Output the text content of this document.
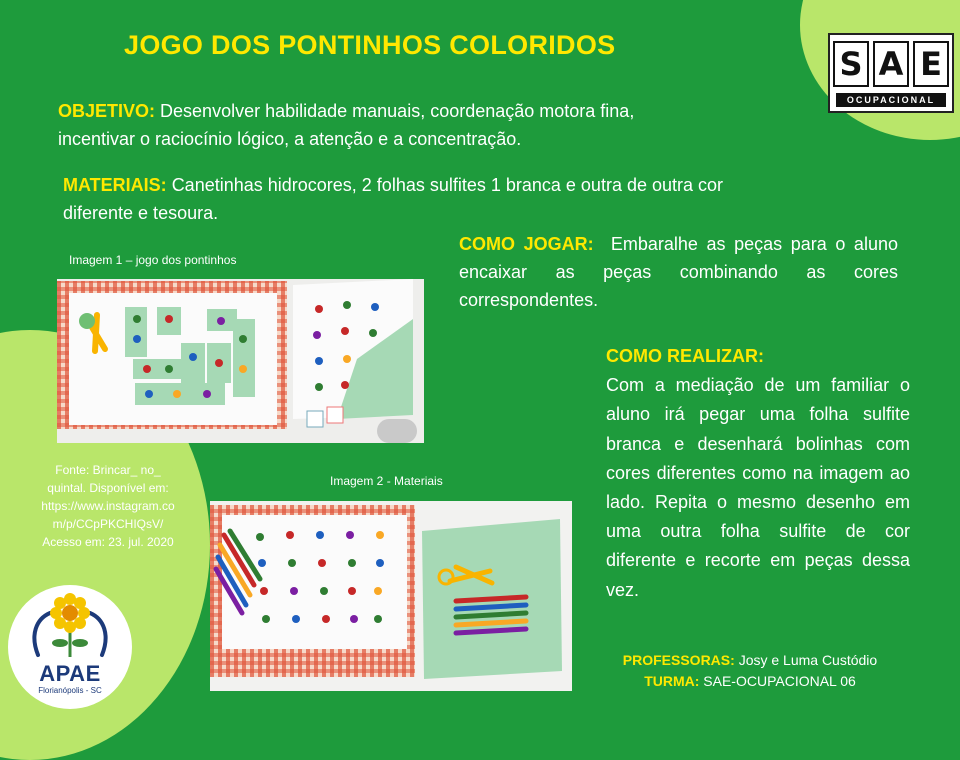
JOGO DOS PONTINHOS COLORIDOS	S A E
OCUPACIONAL
OBJETIVO: Desenvolver habilidade manuais, coordenação motora fina,
incentivar o raciocínio lógico, a atenção e a concentração.
MATERIAIS: Canetinhas hidrocores, 2 folhas sulfites 1 branca e outra de outra cor
diferente e tesoura.
COMO JOGAR: Embaralhe as peças para o aluno encaixar as peças combinando as cores correspondentes.
COMO REALIZAR:
Com a mediação de um familiar o aluno irá pegar uma folha sulfite branca e desenhará bolinhas com cores diferentes como na imagem ao lado. Repita o mesmo desenho em uma outra folha sulfite de cor diferente e recorte em peças dessa vez.
Imagem 1 – jogo dos pontinhos
Imagem 2 - Materiais
Fonte: Brincar_ no_
quintal. Disponível em:
https://www.instagram.co
m/p/CCpPKCHIQsV/
Acesso em: 23. jul. 2020
APAE
Florianópolis - SC
PROFESSORAS: Josy e Luma Custódio
TURMA: SAE-OCUPACIONAL 06
